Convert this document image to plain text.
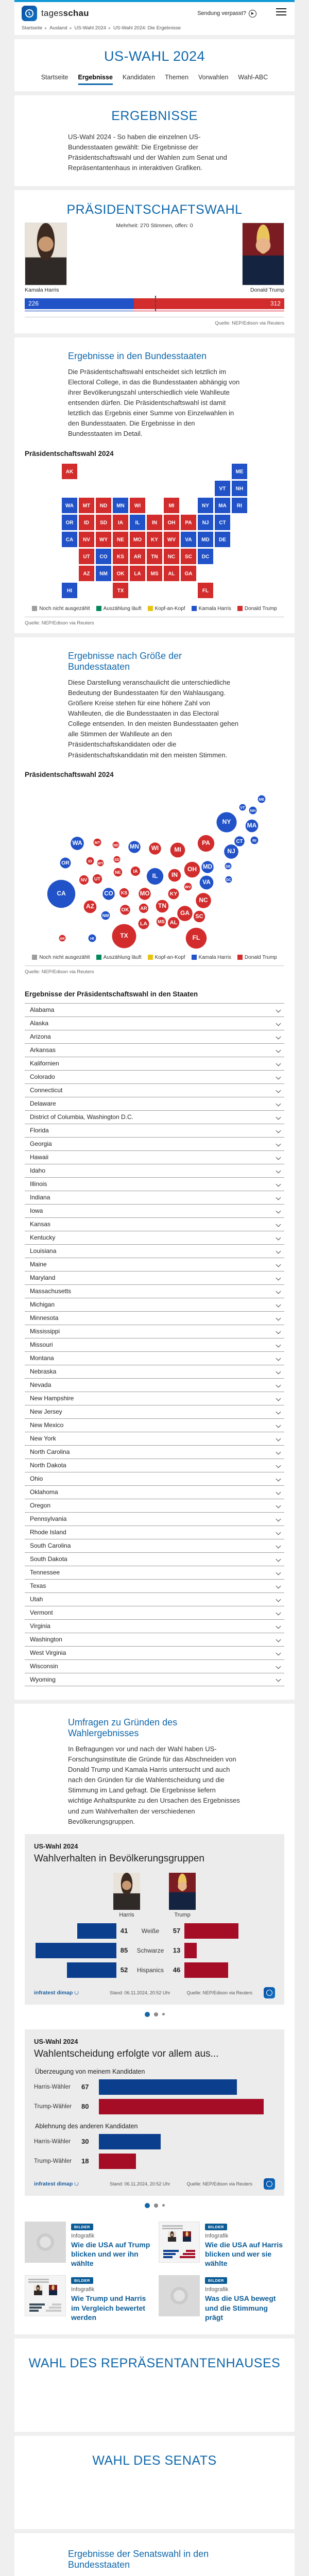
1	tagesschau	Sendung verpasst?	▶
Startseite ▸ Ausland ▸ US-Wahl 2024 ▸ US-Wahl 2024: Die Ergebnisse
US-WAHL 2024
Startseite Ergebnisse Kandidaten Themen Vorwahlen Wahl-ABC
ERGEBNISSE

US-Wahl 2024 - So haben die einzelnen US-Bundesstaaten gewählt: Die Ergebnisse der Präsidentschaftswahl und der Wahlen zum Senat und Repräsentantenhaus in interaktiven Grafiken.

PRÄSIDENTSCHAFTSWAHL
Mehrheit: 270 Stimmen, offen: 0
Kamala Harris	Donald Trump
226	312
Quelle: NEP/Edison via Reuters
Ergebnisse in den Bundesstaaten

Die Präsidentschaftswahl entscheidet sich letztlich im Electoral College, in das die Bundesstaaten abhängig von ihrer Bevölkerungszahl unterschiedlich viele Wahlleute entsenden dürfen. Die Präsidentschaftswahl ist damit letztlich das Ergebnis einer Summe von Einzelwahlen in den Bundesstaaten. Die Ergebnisse in den Bundesstaaten im Detail.

Präsidentschaftswahl 2024
AL
AK
AZ
AR
CA
CO
CT
DE
DC
FL
GA
HI
ID	IL IN
IA
KS
KY
LA
ME
MD
MA
MI
MN
MS
MO
MT
NE
NV
NH
NJ
NM
NY
NC
ND
OH
OK
OR	PA
RI
SC
SD
TN
TX
UT
VT
VA
WA
WV
WI
WY
Noch nicht ausgezählt	Auszählung läuft	Kopf-an-Kopf	Kamala Harris	Donald Trump
Quelle: NEP/Edison via Reuters
Ergebnisse nach Größe der Bundesstaaten

Diese Darstellung veranschaulicht die unterschiedliche Bedeutung der Bundesstaaten für den Wahlausgang. Größere Kreise stehen für eine höhere Zahl von Wahlleuten, die die Bundesstaaten in das Electoral College entsenden. In den meisten Bundesstaaten gehen alle Stimmen der Wahlleute an den Präsidentschaftskandidaten oder die Präsidentschaftskandidatin mit den meisten Stimmen.

Präsidentschaftswahl 2024
AL
AK
AZ	AR
CA	CO
CT
DE
DC
FL
GA
HI
ID
IL IN
IA
KS	KY
LA
ME
MD
MA
MI
MN
MS
MO
MT
NE
NV
NH
NJ
NM
NY
NC
ND
OH
OK
OR
PA	RI
SC
SD
TN
TX
UT
VT
VA
WA
WV
WI
WY
Noch nicht ausgezählt	Auszählung läuft	Kopf-an-Kopf	Kamala Harris	Donald Trump
Quelle: NEP/Edison via Reuters
Ergebnisse der Präsidentschaftswahl in den Staaten
Alabama
Alaska
Arizona
Arkansas
Kalifornien
Colorado
Connecticut
Delaware
District of Columbia, Washington D.C.
Florida
Georgia
Hawaii
Idaho
Illinois
Indiana
Iowa
Kansas
Kentucky
Louisiana
Maine
Maryland
Massachusetts
Michigan
Minnesota
Mississippi
Missouri
Montana
Nebraska
Nevada
New Hampshire
New Jersey
New Mexico
New York
North Carolina
North Dakota
Ohio
Oklahoma
Oregon
Pennsylvania
Rhode Island
South Carolina
South Dakota
Tennessee
Texas
Utah
Vermont
Virginia
Washington
West Virginia
Wisconsin
Wyoming
Umfragen zu Gründen des Wahlergebnisses

In Befragungen vor und nach der Wahl haben US-Forschungsinstitute die Gründe für das Abschneiden von Donald Trump und Kamala Harris untersucht und auch nach den Gründen für die Wahlentscheidung und die Stimmung im Land gefragt. Die Ergebnisse liefern wichtige Anhaltspunkte zu den Ursachen des Ergebnisses und zum Wahlverhalten der verschiedenen Bevölkerungsgruppen.

US-Wahl 2024
Wahlverhalten in Bevölkerungsgruppen
Harris	Trump
41	Weiße	57
85	Schwarze	13
52	Hispanics	46
infratest dimap	Stand: 06.11.2024, 20:52 Uhr	Quelle: NEP/Edison via Reuters
US-Wahl 2024
Wahlentscheidung erfolgte vor allem aus...
Überzeugung von meinem Kandidaten
Harris-Wähler	67
Trump-Wähler	80
Ablehnung des anderen Kandidaten
Harris-Wähler	30
Trump-Wähler	18
infratest dimap	Stand: 06.11.2024, 20:52 Uhr	Quelle: NEP/Edison via Reuters
BILDER
Infografik
Wie die USA auf Trump blicken und wer ihn wählte
BILDER
Infografik
Wie die USA auf Harris blicken und wer sie wählte
BILDER
Infografik
Wie Trump und Harris im Vergleich bewertet werden
BILDER
Infografik
Was die USA bewegt und die Stimmung prägt
WAHL DES REPRÄSENTANTENHAUSES
WAHL DES SENATS
Ergebnisse der Senatswahl in den Bundesstaaten
